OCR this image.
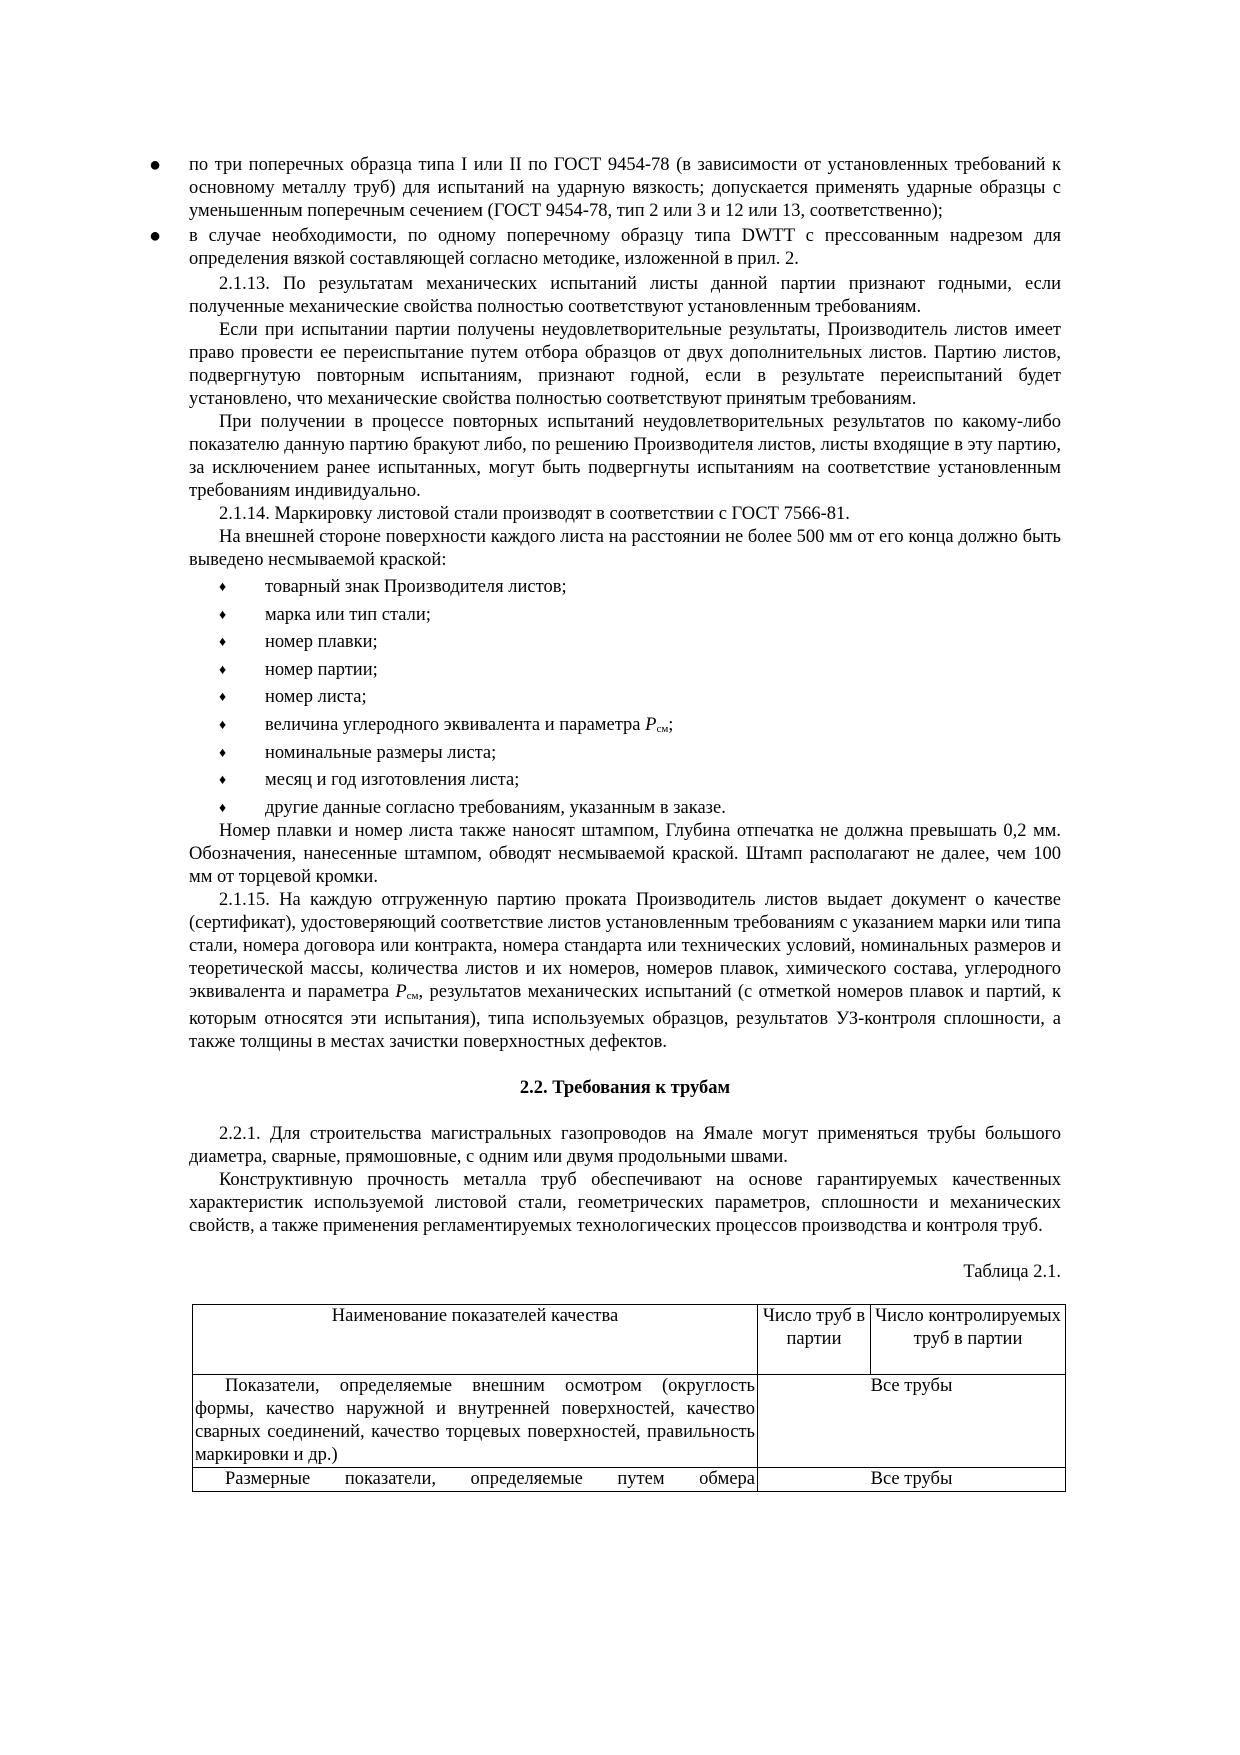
● по три поперечных образца типа I или II по ГОСТ 9454-78 (в зависимости от установленных требований к основному металлу труб) для испытаний на ударную вязкость; допускается применять ударные образцы с уменьшенным поперечным сечением (ГОСТ 9454-78, тип 2 или 3 и 12 или 13, соответственно);
● в случае необходимости, по одному поперечному образцу типа DWTT с прессованным надрезом для определения вязкой составляющей согласно методике, изложенной в прил. 2.

2.1.13. По результатам механических испытаний листы данной партии признают годными, если полученные механические свойства полностью соответствуют установленным требованиям.

Если при испытании партии получены неудовлетворительные результаты, Производитель листов имеет право провести ее переиспытание путем отбора образцов от двух дополнительных листов. Партию листов, подвергнутую повторным испытаниям, признают годной, если в результате переиспытаний будет установлено, что механические свойства полностью соответствуют принятым требованиям.

При получении в процессе повторных испытаний неудовлетворительных результатов по какому-либо показателю данную партию бракуют либо, по решению Производителя листов, листы входящие в эту партию, за исключением ранее испытанных, могут быть подвергнуты испытаниям на соответствие установленным требованиям индивидуально.

2.1.14. Маркировку листовой стали производят в соответствии с ГОСТ 7566-81.

На внешней стороне поверхности каждого листа на расстоянии не более 500 мм от его конца должно быть выведено несмываемой краской:

♦ товарный знак Производителя листов;
♦ марка или тип стали;
♦ номер плавки;
♦ номер партии;
♦ номер листа;
♦ величина углеродного эквивалента и параметра Pсм;
♦ номинальные размеры листа;
♦ месяц и год изготовления листа;
♦ другие данные согласно требованиям, указанным в заказе.

Номер плавки и номер листа также наносят штампом, Глубина отпечатка не должна превышать 0,2 мм. Обозначения, нанесенные штампом, обводят несмываемой краской. Штамп располагают не далее, чем 100 мм от торцевой кромки.

2.1.15. На каждую отгруженную партию проката Производитель листов выдает документ о качестве (сертификат), удостоверяющий соответствие листов установленным требованиям с указанием марки или типа стали, номера договора или контракта, номера стандарта или технических условий, номинальных размеров и теоретической массы, количества листов и их номеров, номеров плавок, химического состава, углеродного эквивалента и параметра Pсм, результатов механических испытаний (с отметкой номеров плавок и партий, к которым относятся эти испытания), типа используемых образцов, результатов УЗ-контроля сплошности, а также толщины в местах зачистки поверхностных дефектов.

2.2. Требования к трубам

2.2.1. Для строительства магистральных газопроводов на Ямале могут применяться трубы большого диаметра, сварные, прямошовные, с одним или двумя продольными швами.

Конструктивную прочность металла труб обеспечивают на основе гарантируемых качественных характеристик используемой листовой стали, геометрических параметров, сплошности и механических свойств, а также применения регламентируемых технологических процессов производства и контроля труб.

Таблица 2.1.
Наименование показателей качества	Число труб в партии	Число контролируемых труб в партии
Показатели, определяемые внешним осмотром (округлость формы, качество наружной и внутренней поверхностей, качество сварных соединений, качество торцевых поверхностей, правильность маркировки и др.)	Все трубы	
Размерные показатели, определяемые путем обмера	Все трубы	
